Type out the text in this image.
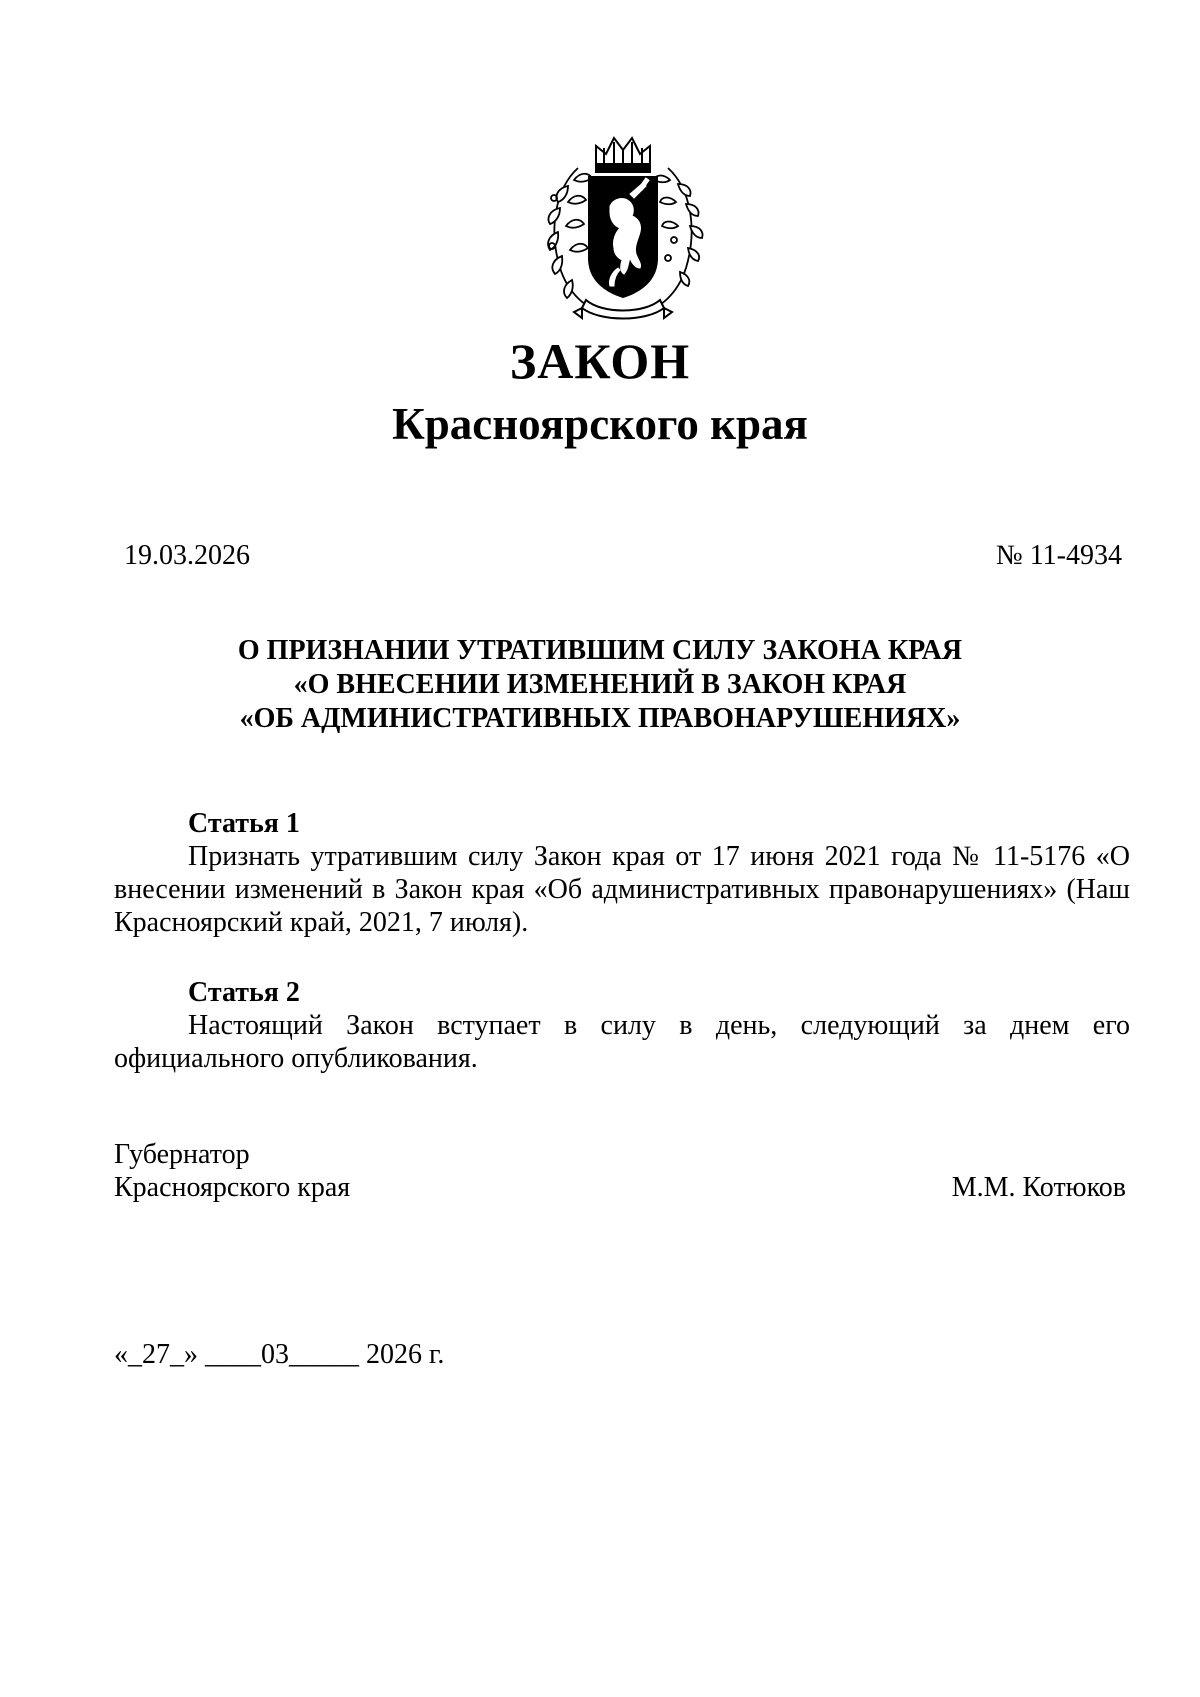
ЗАКОН
Красноярского края
19.03.2026	№ 11-4934
О ПРИЗНАНИИ УТРАТИВШИМ СИЛУ ЗАКОНА КРАЯ
«О ВНЕСЕНИИ ИЗМЕНЕНИЙ В ЗАКОН КРАЯ
«ОБ АДМИНИСТРАТИВНЫХ ПРАВОНАРУШЕНИЯХ»
Статья 1
Признать утратившим силу Закон края от 17 июня 2021 года № 11-5176 «О внесении изменений в Закон края «Об административных правонарушениях» (Наш Красноярский край, 2021, 7 июля).
Статья 2
Настоящий Закон вступает в силу в день, следующий за днем его официального опубликования.
Губернатор
Красноярского края	М.М. Котюков
«_27_» ____03_____ 2026 г.
